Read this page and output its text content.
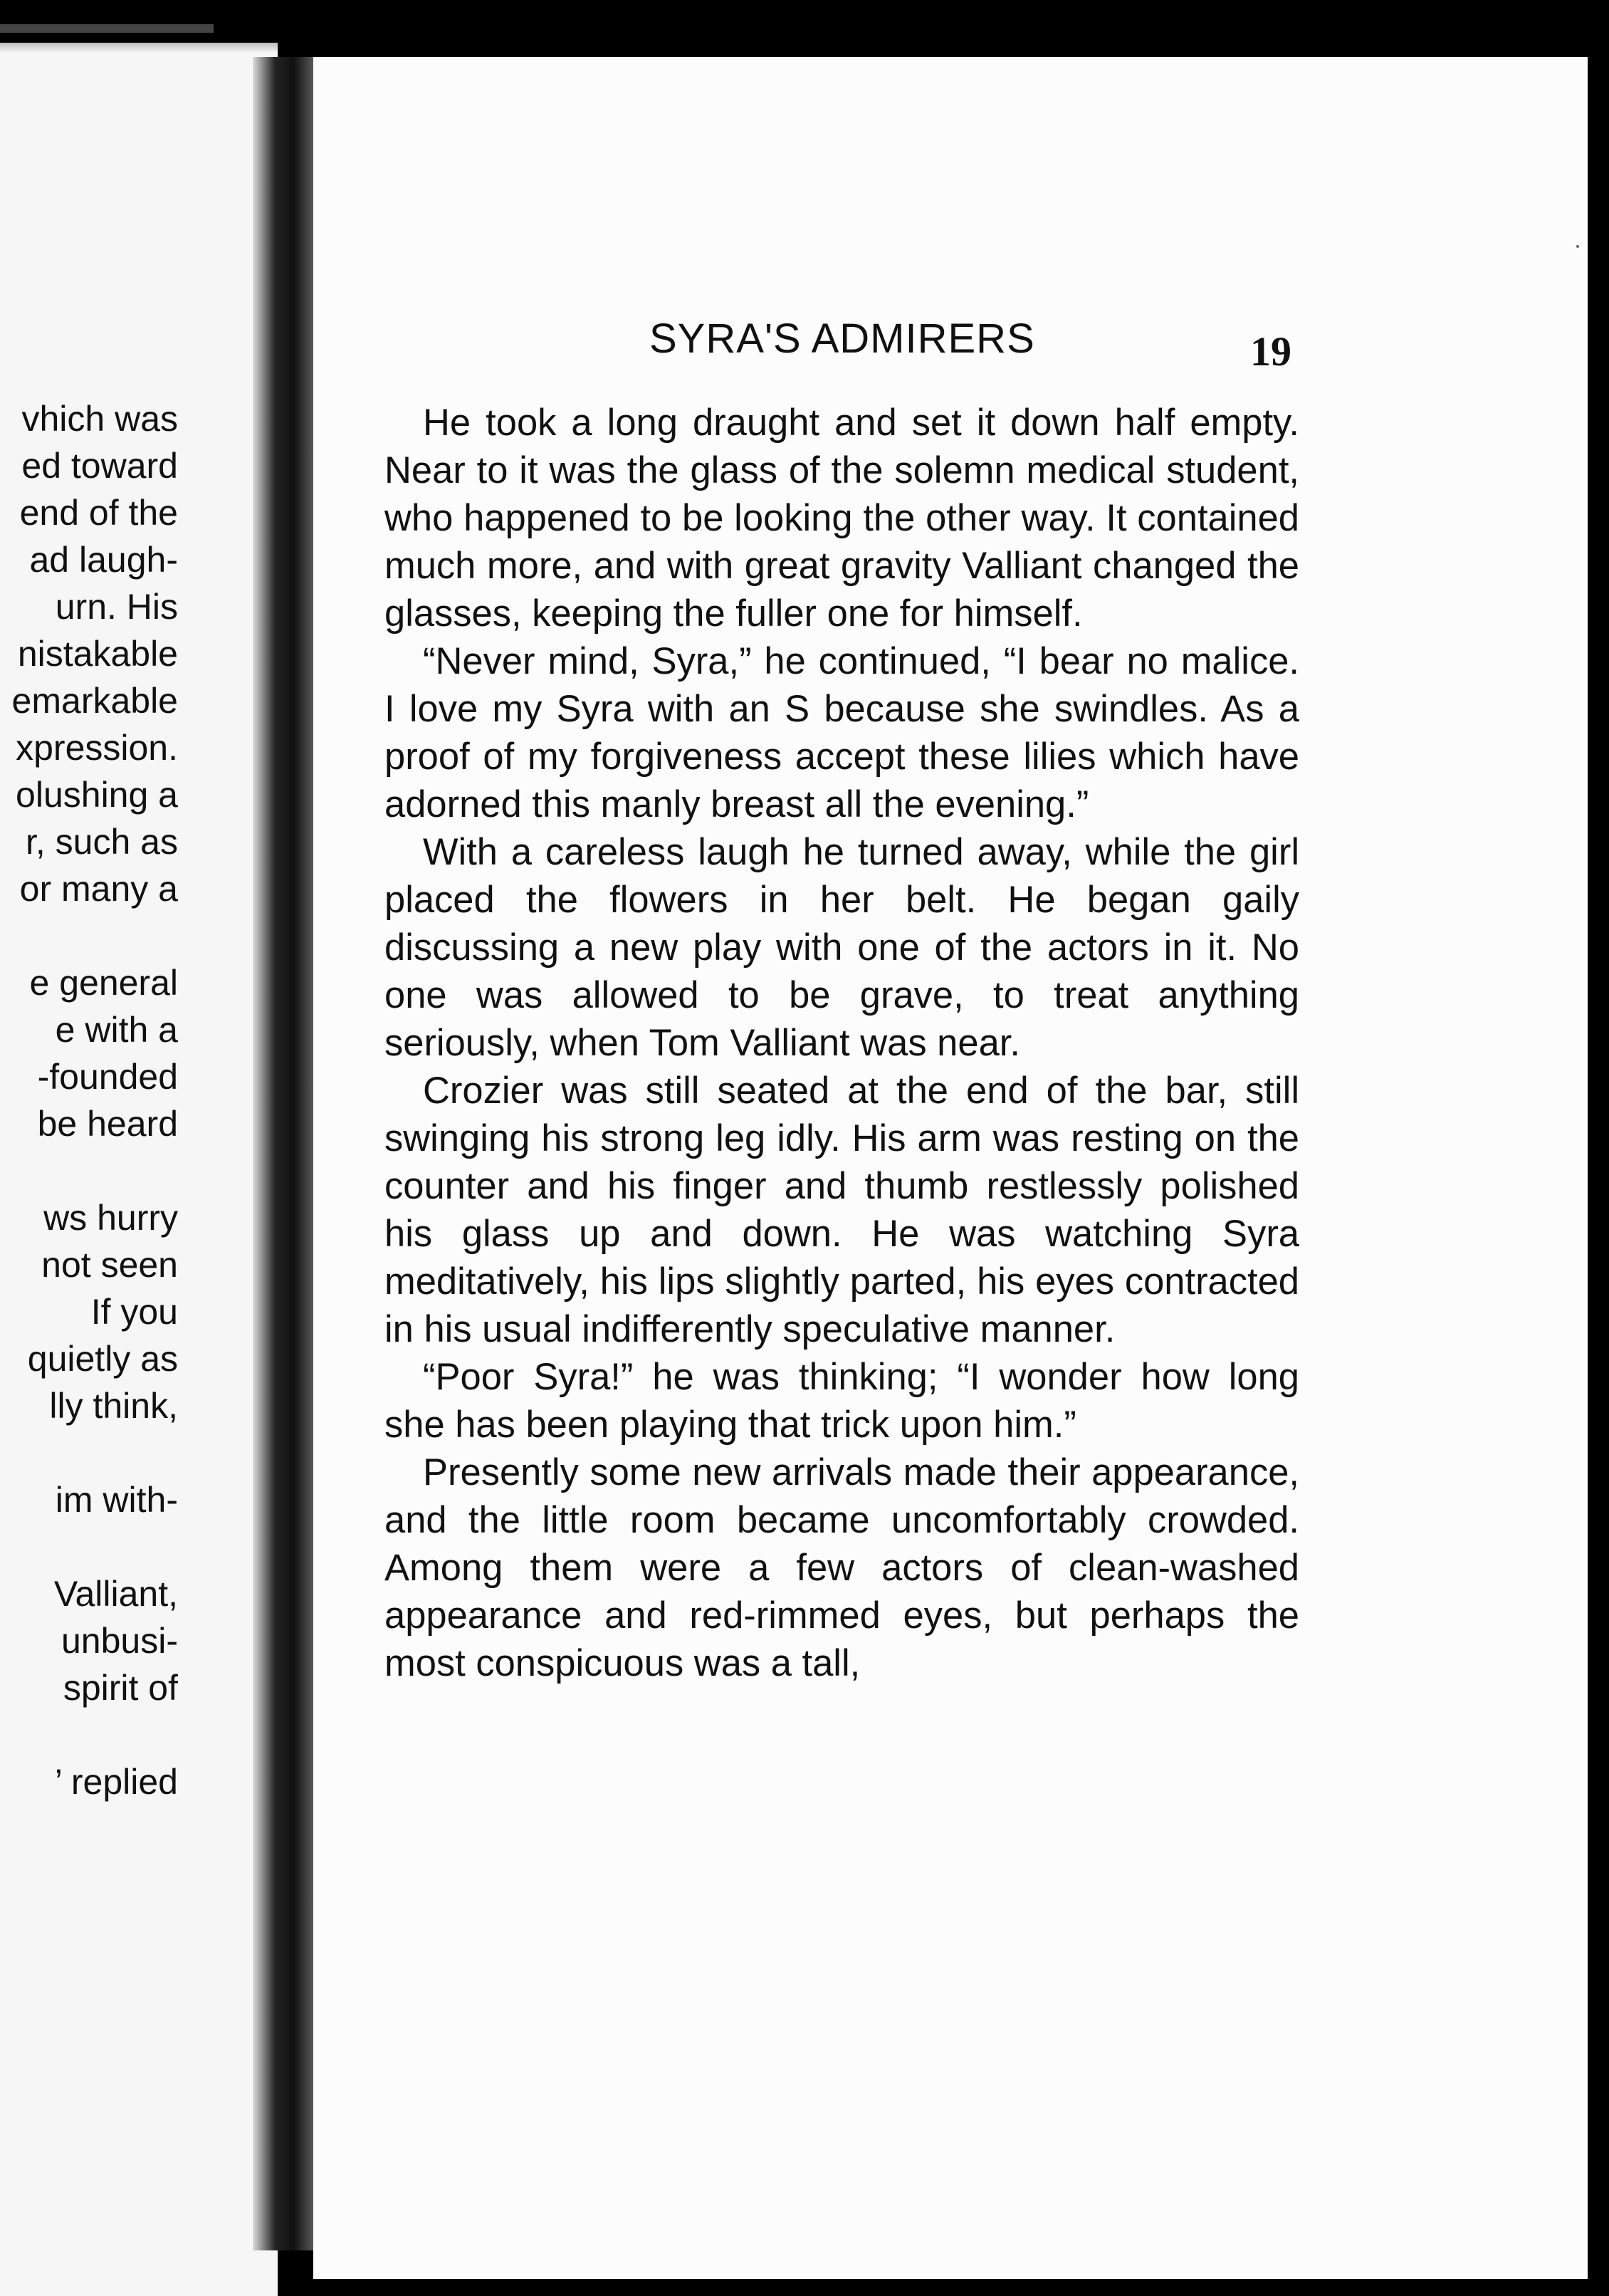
vhich was
ed toward
end of the
ad laugh-
urn. His
nistakable
emarkable
xpression.
olushing a
r, such as
or many a

e general
e with a
-founded
be heard

ws hurry
not seen
If you
quietly as
lly think,

im with-

Valliant,
unbusi-
spirit of

’ replied
SYRA'S ADMIRERS	19

He took a long draught and set it down half empty. Near to it was the glass of the solemn medical student, who happened to be looking the other way. It contained much more, and with great gravity Valliant changed the glasses, keeping the fuller one for himself.

“Never mind, Syra,” he continued, “I bear no malice. I love my Syra with an S because she swindles. As a proof of my forgiveness accept these lilies which have adorned this manly breast all the evening.”

With a careless laugh he turned away, while the girl placed the flowers in her belt. He began gaily discussing a new play with one of the actors in it. No one was allowed to be grave, to treat anything seriously, when Tom Valliant was near.

Crozier was still seated at the end of the bar, still swinging his strong leg idly. His arm was resting on the counter and his finger and thumb restlessly polished his glass up and down. He was watching Syra meditatively, his lips slightly parted, his eyes contracted in his usual indifferently speculative manner.

“Poor Syra!” he was thinking; “I wonder how long she has been playing that trick upon him.”

Presently some new arrivals made their appearance, and the little room became uncomfortably crowded. Among them were a few actors of clean-washed appearance and red-rimmed eyes, but perhaps the most conspicuous was a tall,
